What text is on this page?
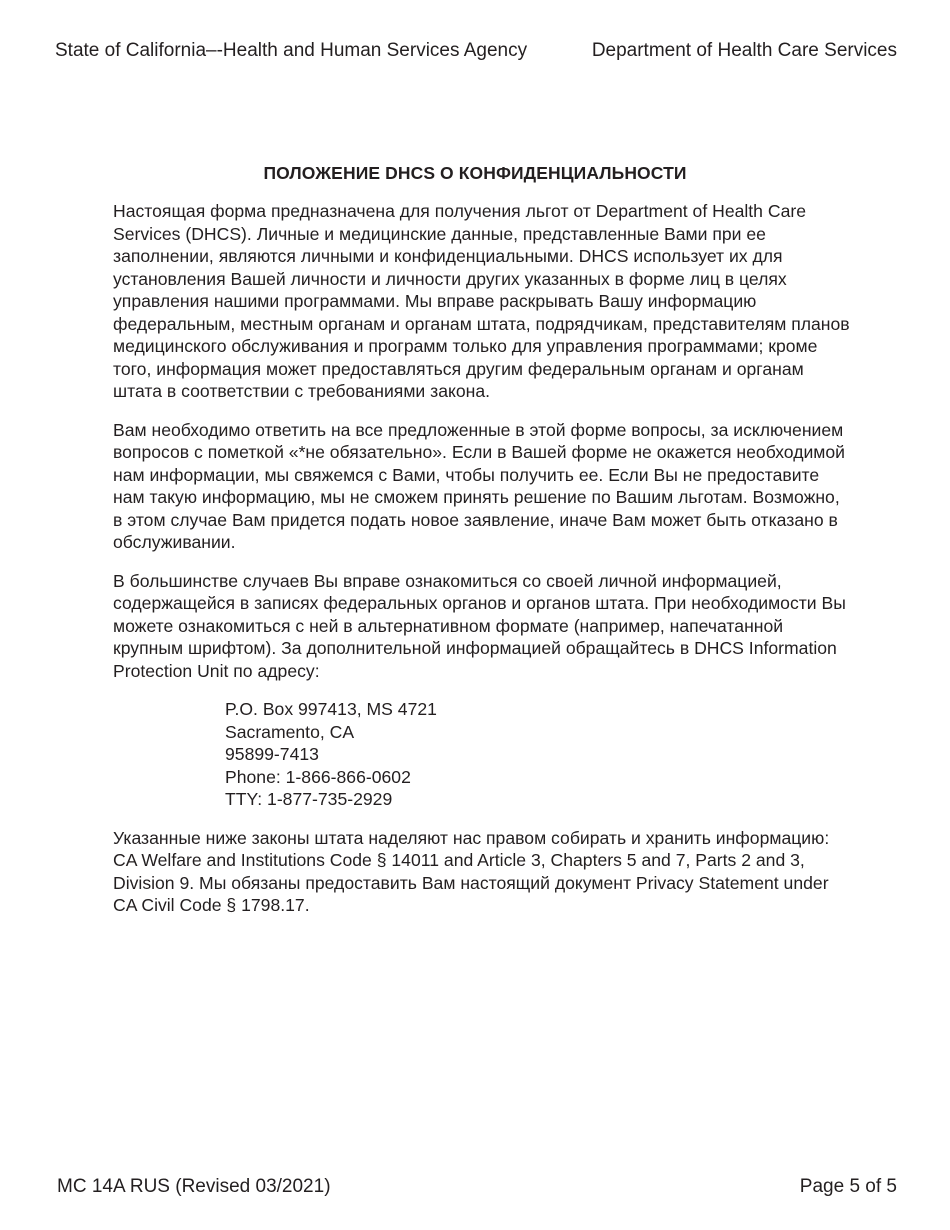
State of California–-Health and Human Services Agency	Department of Health Care Services
ПОЛОЖЕНИЕ DHCS О КОНФИДЕНЦИАЛЬНОСТИ

Настоящая форма предназначена для получения льгот от Department of Health Care Services (DHCS). Личные и медицинские данные, представленные Вами при ее заполнении, являются личными и конфиденциальными. DHCS использует их для установления Вашей личности и личности других указанных в форме лиц в целях управления нашими программами. Мы вправе раскрывать Вашу информацию федеральным, местным органам и органам штата, подрядчикам, представителям планов медицинского обслуживания и программ только для управления программами; кроме того, информация может предоставляться другим федеральным органам и органам штата в соответствии с требованиями закона.

Вам необходимо ответить на все предложенные в этой форме вопросы, за исключением вопросов с пометкой «*не обязательно». Если в Вашей форме не окажется необходимой нам информации, мы свяжемся с Вами, чтобы получить ее. Если Вы не предоставите нам такую информацию, мы не сможем принять решение по Вашим льготам. Возможно, в этом случае Вам придется подать новое заявление, иначе Вам может быть отказано в обслуживании.

В большинстве случаев Вы вправе ознакомиться со своей личной информацией, содержащейся в записях федеральных органов и органов штата. При необходимости Вы можете ознакомиться с ней в альтернативном формате (например, напечатанной крупным шрифтом). За дополнительной информацией обращайтесь в DHCS Information Protection Unit по адресу:

P.O. Box 997413, MS 4721
Sacramento, CA
95899-7413
Phone: 1-866-866-0602
TTY: 1-877-735-2929

Указанные ниже законы штата наделяют нас правом собирать и хранить информацию: CA Welfare and Institutions Code § 14011 and Article 3, Chapters 5 and 7, Parts 2 and 3, Division 9. Мы обязаны предоставить Вам настоящий документ Privacy Statement under CA Civil Code § 1798.17.

MC 14A RUS (Revised 03/2021)	Page 5 of 5
